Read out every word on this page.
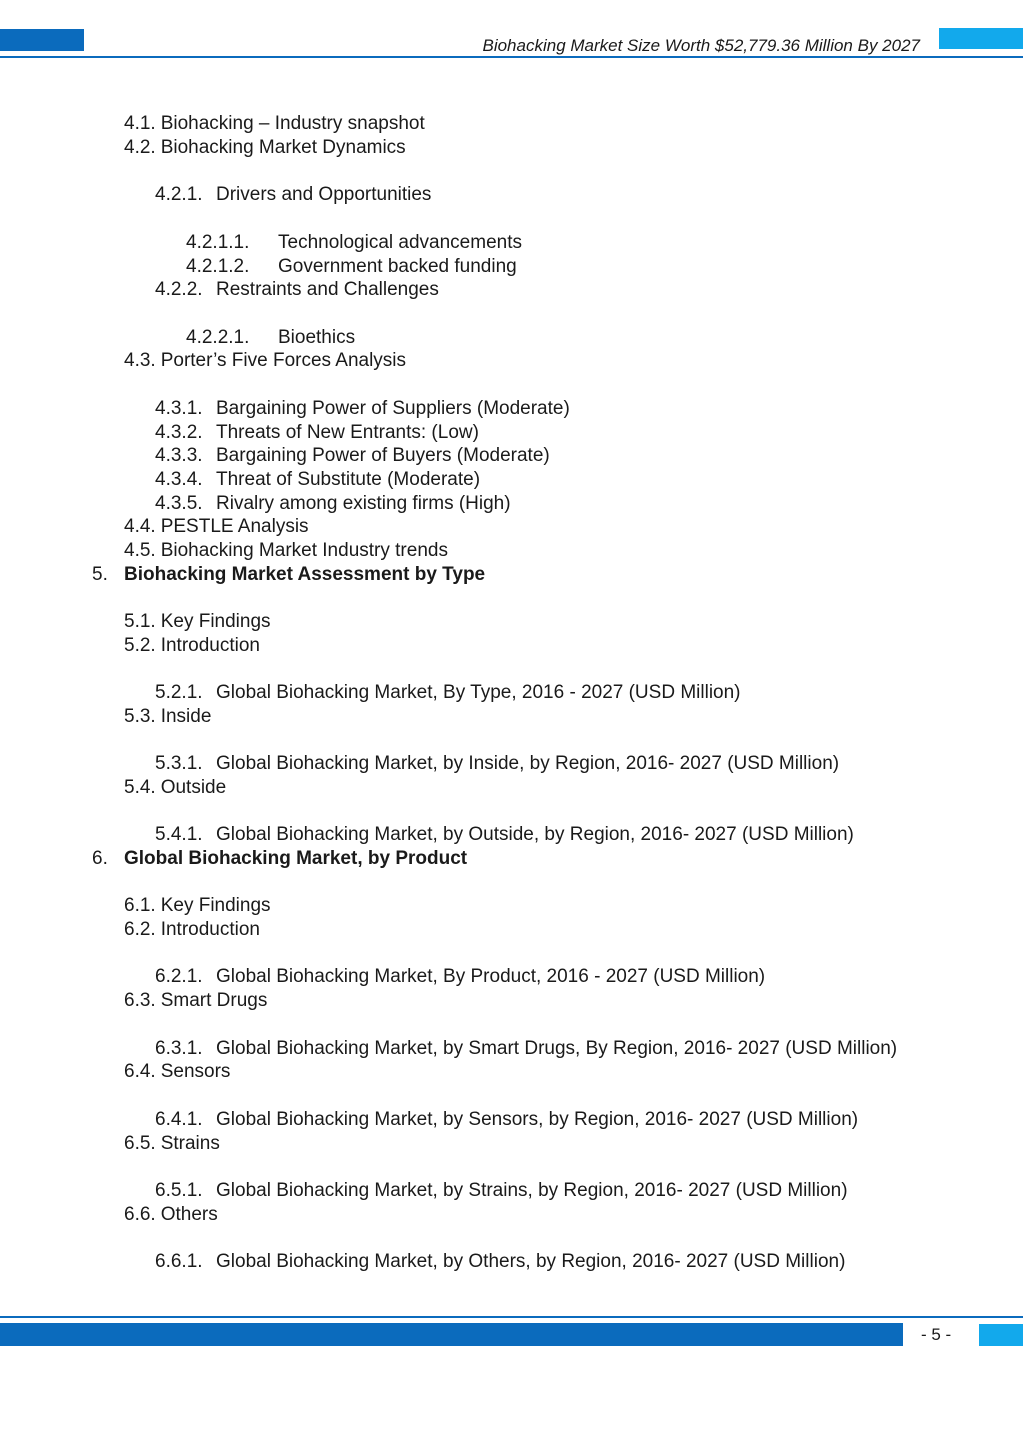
Biohacking Market Size Worth $52,779.36 Million By 2027
4.1. Biohacking – Industry snapshot
4.2. Biohacking Market Dynamics
4.2.1. Drivers and Opportunities
4.2.1.1. Technological advancements
4.2.1.2. Government backed funding
4.2.2. Restraints and Challenges
4.2.2.1. Bioethics
4.3. Porter’s Five Forces Analysis
4.3.1. Bargaining Power of Suppliers (Moderate)
4.3.2. Threats of New Entrants: (Low)
4.3.3. Bargaining Power of Buyers (Moderate)
4.3.4. Threat of Substitute (Moderate)
4.3.5. Rivalry among existing firms (High)
4.4. PESTLE Analysis
4.5. Biohacking Market Industry trends
5. Biohacking Market Assessment by Type
5.1. Key Findings
5.2. Introduction
5.2.1. Global Biohacking Market, By Type, 2016 - 2027 (USD Million)
5.3. Inside
5.3.1. Global Biohacking Market, by Inside, by Region, 2016- 2027 (USD Million)
5.4. Outside
5.4.1. Global Biohacking Market, by Outside, by Region, 2016- 2027 (USD Million)
6. Global Biohacking Market, by Product
6.1. Key Findings
6.2. Introduction
6.2.1. Global Biohacking Market, By Product, 2016 - 2027 (USD Million)
6.3. Smart Drugs
6.3.1. Global Biohacking Market, by Smart Drugs, By Region, 2016- 2027 (USD Million)
6.4. Sensors
6.4.1. Global Biohacking Market, by Sensors, by Region, 2016- 2027 (USD Million)
6.5. Strains
6.5.1. Global Biohacking Market, by Strains, by Region, 2016- 2027 (USD Million)
6.6. Others
6.6.1. Global Biohacking Market, by Others, by Region, 2016- 2027 (USD Million)
- 5 -
